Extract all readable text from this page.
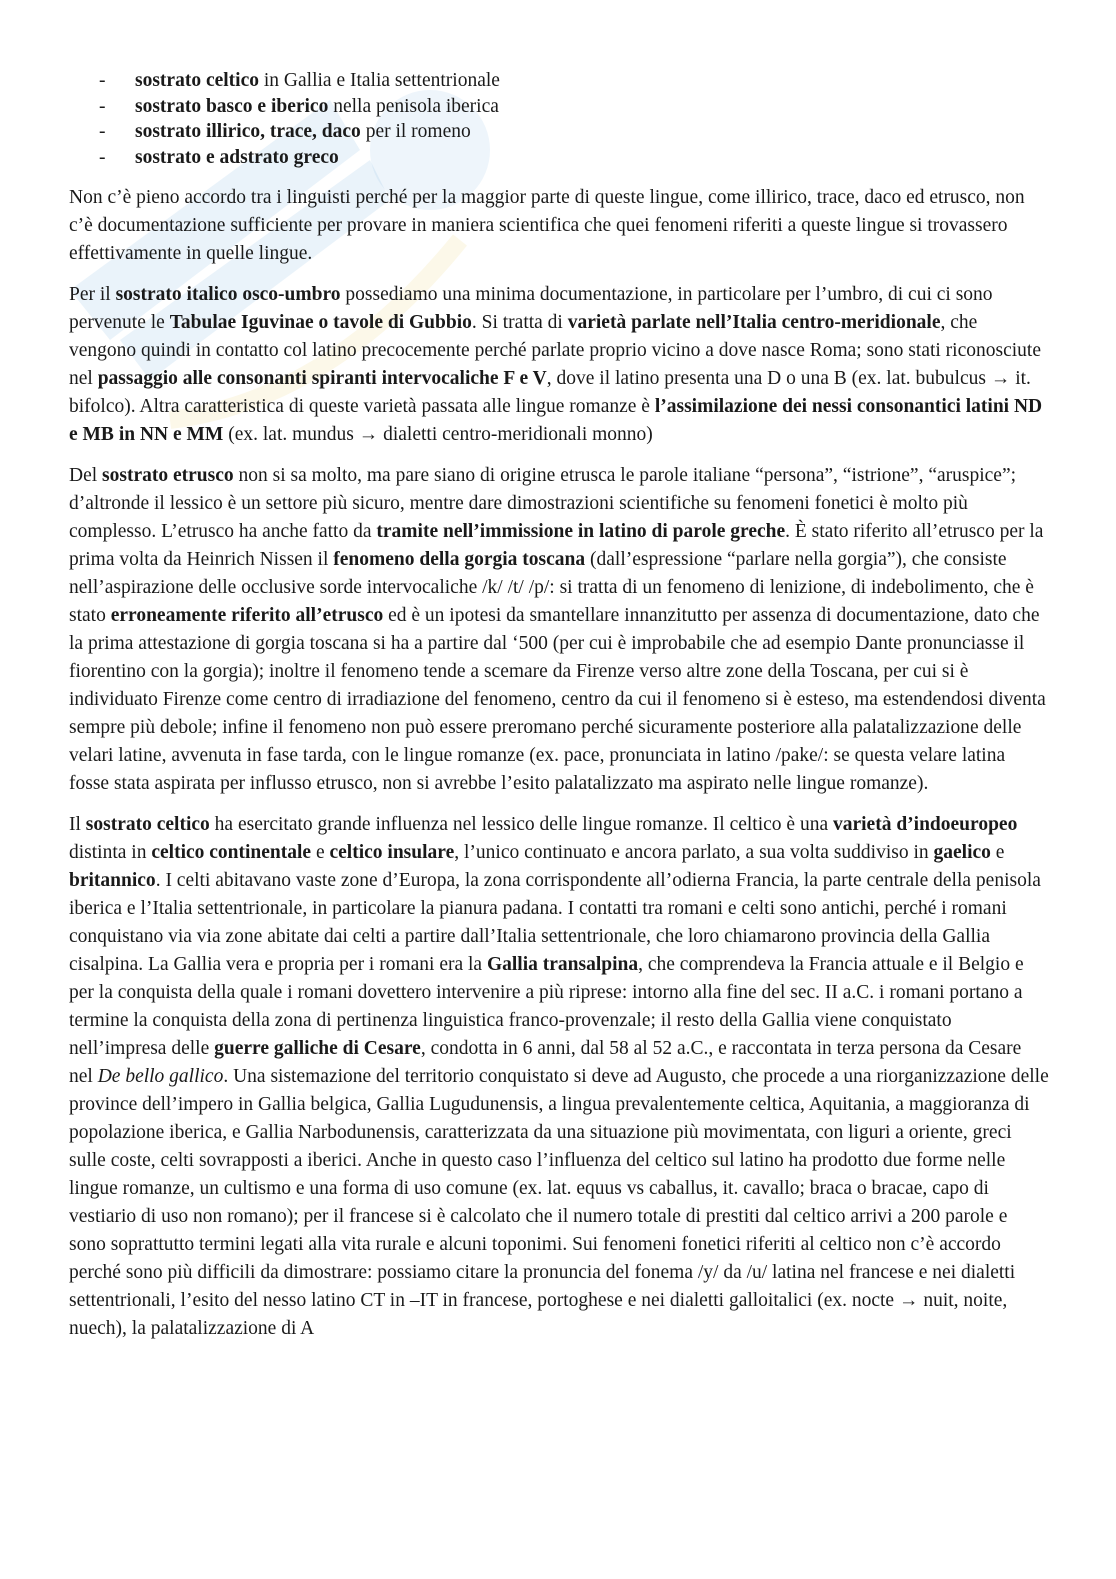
- sostrato celtico in Gallia e Italia settentrionale
- sostrato basco e iberico nella penisola iberica
- sostrato illirico, trace, daco per il romeno
- sostrato e adstrato greco

Non c’è pieno accordo tra i linguisti perché per la maggior parte di queste lingue, come illirico, trace, daco ed etrusco, non c’è documentazione sufficiente per provare in maniera scientifica che quei fenomeni riferiti a queste lingue si trovassero effettivamente in quelle lingue.

Per il sostrato italico osco-umbro possediamo una minima documentazione, in particolare per l’umbro, di cui ci sono pervenute le Tabulae Iguvinae o tavole di Gubbio. Si tratta di varietà parlate nell’Italia centro-meridionale, che vengono quindi in contatto col latino precocemente perché parlate proprio vicino a dove nasce Roma; sono stati riconosciute nel passaggio alle consonanti spiranti intervocaliche F e V, dove il latino presenta una D o una B (ex. lat. bubulcus → it. bifolco). Altra caratteristica di queste varietà passata alle lingue romanze è l’assimilazione dei nessi consonantici latini ND e MB in NN e MM (ex. lat. mundus → dialetti centro-meridionali monno)

Del sostrato etrusco non si sa molto, ma pare siano di origine etrusca le parole italiane “persona”, “istrione”, “aruspice”; d’altronde il lessico è un settore più sicuro, mentre dare dimostrazioni scientifiche su fenomeni fonetici è molto più complesso. L’etrusco ha anche fatto da tramite nell’immissione in latino di parole greche. È stato riferito all’etrusco per la prima volta da Heinrich Nissen il fenomeno della gorgia toscana (dall’espressione “parlare nella gorgia”), che consiste nell’aspirazione delle occlusive sorde intervocaliche /k/ /t/ /p/: si tratta di un fenomeno di lenizione, di indebolimento, che è stato erroneamente riferito all’etrusco ed è un ipotesi da smantellare innanzitutto per assenza di documentazione, dato che la prima attestazione di gorgia toscana si ha a partire dal ‘500 (per cui è improbabile che ad esempio Dante pronunciasse il fiorentino con la gorgia); inoltre il fenomeno tende a scemare da Firenze verso altre zone della Toscana, per cui si è individuato Firenze come centro di irradiazione del fenomeno, centro da cui il fenomeno si è esteso, ma estendendosi diventa sempre più debole; infine il fenomeno non può essere preromano perché sicuramente posteriore alla palatalizzazione delle velari latine, avvenuta in fase tarda, con le lingue romanze (ex. pace, pronunciata in latino /pake/: se questa velare latina fosse stata aspirata per influsso etrusco, non si avrebbe l’esito palatalizzato ma aspirato nelle lingue romanze).

Il sostrato celtico ha esercitato grande influenza nel lessico delle lingue romanze. Il celtico è una varietà d’indoeuropeo distinta in celtico continentale e celtico insulare, l’unico continuato e ancora parlato, a sua volta suddiviso in gaelico e britannico. I celti abitavano vaste zone d’Europa, la zona corrispondente all’odierna Francia, la parte centrale della penisola iberica e l’Italia settentrionale, in particolare la pianura padana. I contatti tra romani e celti sono antichi, perché i romani conquistano via via zone abitate dai celti a partire dall’Italia settentrionale, che loro chiamarono provincia della Gallia cisalpina. La Gallia vera e propria per i romani era la Gallia transalpina, che comprendeva la Francia attuale e il Belgio e per la conquista della quale i romani dovettero intervenire a più riprese: intorno alla fine del sec. II a.C. i romani portano a termine la conquista della zona di pertinenza linguistica franco-provenzale; il resto della Gallia viene conquistato nell’impresa delle guerre galliche di Cesare, condotta in 6 anni, dal 58 al 52 a.C., e raccontata in terza persona da Cesare nel De bello gallico. Una sistemazione del territorio conquistato si deve ad Augusto, che procede a una riorganizzazione delle province dell’impero in Gallia belgica, Gallia Lugudunensis, a lingua prevalentemente celtica, Aquitania, a maggioranza di popolazione iberica, e Gallia Narbodunensis, caratterizzata da una situazione più movimentata, con liguri a oriente, greci sulle coste, celti sovrapposti a iberici. Anche in questo caso l’influenza del celtico sul latino ha prodotto due forme nelle lingue romanze, un cultismo e una forma di uso comune (ex. lat. equus vs caballus, it. cavallo; braca o bracae, capo di vestiario di uso non romano); per il francese si è calcolato che il numero totale di prestiti dal celtico arrivi a 200 parole e sono soprattutto termini legati alla vita rurale e alcuni toponimi. Sui fenomeni fonetici riferiti al celtico non c’è accordo perché sono più difficili da dimostrare: possiamo citare la pronuncia del fonema /y/ da /u/ latina nel francese e nei dialetti settentrionali, l’esito del nesso latino CT in –IT in francese, portoghese e nei dialetti galloitalici (ex. nocte → nuit, noite, nuech), la palatalizzazione di A
